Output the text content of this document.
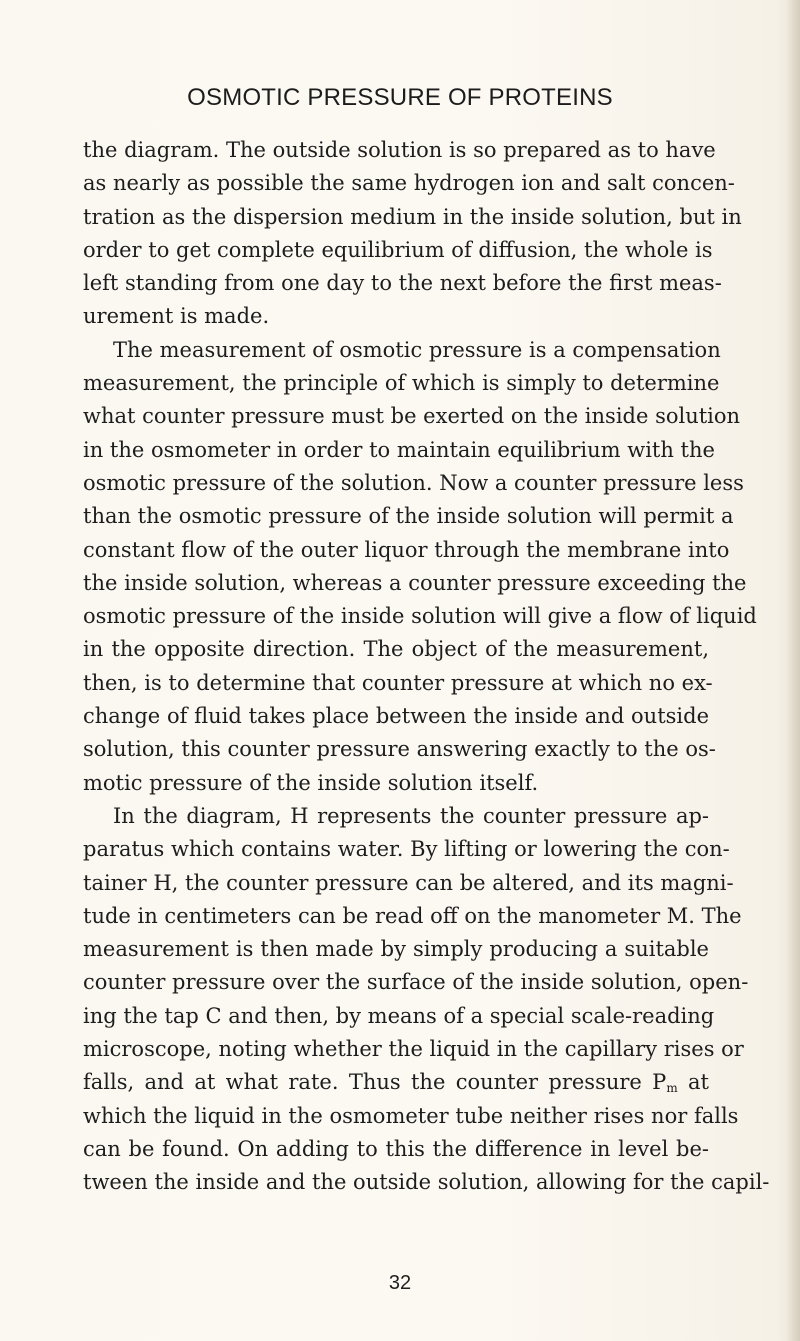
OSMOTIC PRESSURE OF PROTEINS

the diagram. The outside solution is so prepared as to have
as nearly as possible the same hydrogen ion and salt concen-
tration as the dispersion medium in the inside solution, but in
order to get complete equilibrium of diffusion, the whole is
left standing from one day to the next before the first meas-
urement is made.

The measurement of osmotic pressure is a compensation
measurement, the principle of which is simply to determine
what counter pressure must be exerted on the inside solution
in the osmometer in order to maintain equilibrium with the
osmotic pressure of the solution. Now a counter pressure less
than the osmotic pressure of the inside solution will permit a
constant flow of the outer liquor through the membrane into
the inside solution, whereas a counter pressure exceeding the
osmotic pressure of the inside solution will give a flow of liquid
in the opposite direction. The object of the measurement,
then, is to determine that counter pressure at which no ex-
change of fluid takes place between the inside and outside
solution, this counter pressure answering exactly to the os-
motic pressure of the inside solution itself.

In the diagram, H represents the counter pressure ap-
paratus which contains water. By lifting or lowering the con-
tainer H, the counter pressure can be altered, and its magni-
tude in centimeters can be read off on the manometer M. The
measurement is then made by simply producing a suitable
counter pressure over the surface of the inside solution, open-
ing the tap C and then, by means of a special scale-reading
microscope, noting whether the liquid in the capillary rises or
falls, and at what rate. Thus the counter pressure $P_m$ at
which the liquid in the osmometer tube neither rises nor falls
can be found. On adding to this the difference in level be-
tween the inside and the outside solution, allowing for the capil-

32
